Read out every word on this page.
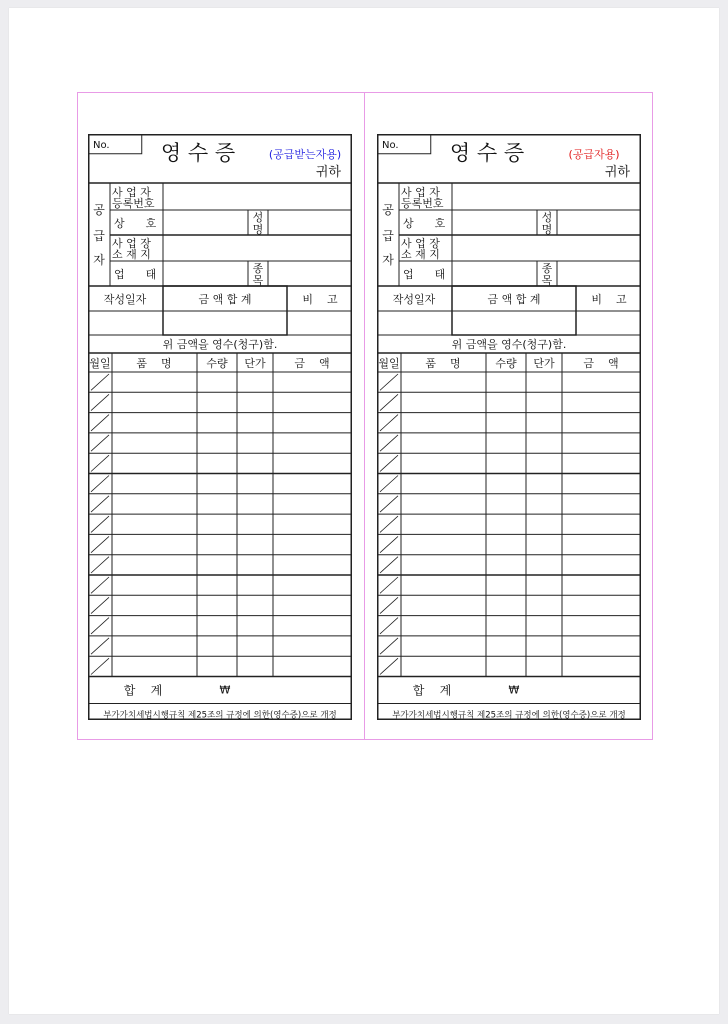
No. 영 수 증	(공급받는자용)
귀하
공
급
자
사 업 자
등록번호
상      호	성
명
사 업 장
소 재 지
업      태	종
목
작성일자	금 액 합 계	비    고
위 금액을 영수(청구)함.
월일 품    명	수량 단가	금    액
합    계	₩
부가가치세법시행규칙 제25조의 규정에 의한(영수증)으로 개정
No. 영 수 증	(공급자용)
귀하
공
급
자
사 업 자
등록번호
상      호	성
명
사 업 장
소 재 지
업      태	종
목
작성일자	금 액 합 계	비    고
위 금액을 영수(청구)함.
월일 품    명	수량 단가	금    액
합    계	₩
부가가치세법시행규칙 제25조의 규정에 의한(영수증)으로 개정
